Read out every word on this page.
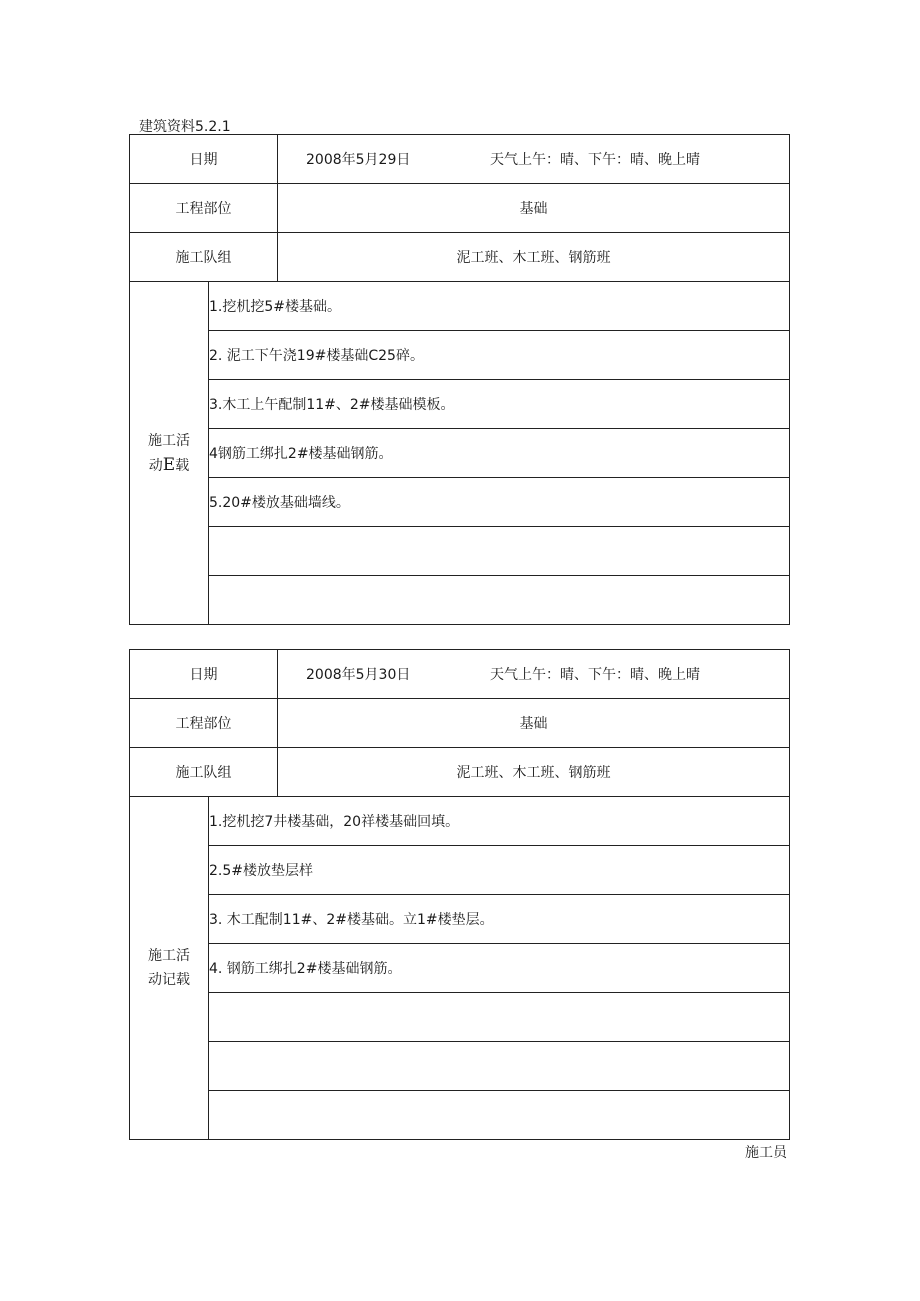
建筑资料5.2.1
日期		2008年5月29日 天气上午：晴、下午：晴、晚上晴

工程部位		基础
施工队组		泥工班、木工班、钢筋班
施工活
动E载	1.挖机挖5#楼基础。	
	2. 泥工下午浇19#楼基础C25碎。	
	3.木工上午配制11#、2#楼基础模板。	
	4钢筋工绑扎2#楼基础钢筋。	
	5.20#楼放基础墙线。	

日期		2008年5月30日 天气上午：晴、下午：晴、晚上晴

工程部位		基础
施工队组		泥工班、木工班、钢筋班
施工活
动记载	1.挖机挖7井楼基础，20祥楼基础回填。	
	2.5#楼放垫层样	
	3. 木工配制11#、2#楼基础。立1#楼垫层。	
	4. 钢筋工绑扎2#楼基础钢筋。	

施工员
